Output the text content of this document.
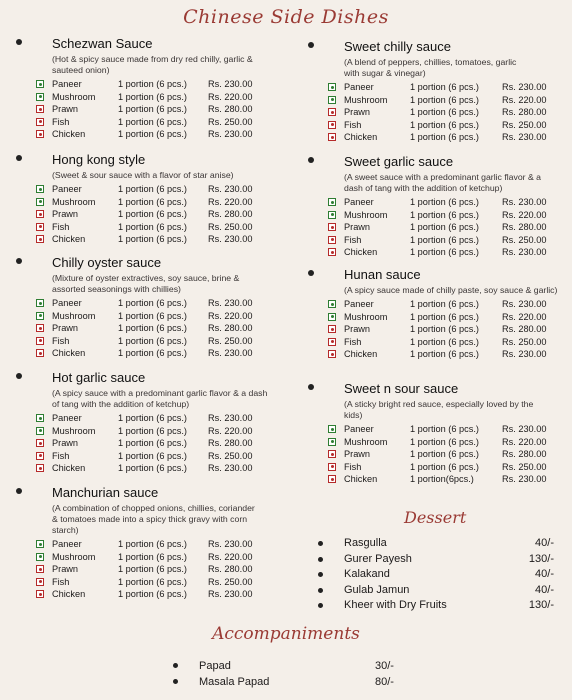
Chinese Side Dishes
Schezwan Sauce
(Hot & spicy sauce made from dry red chilly, garlic & sauteed onion)
Paneer	1 portion (6 pcs.) Rs. 230.00
Mushroom 1 portion (6 pcs.) Rs. 220.00
Prawn	1 portion (6 pcs.) Rs. 280.00
Fish	1 portion (6 pcs.) Rs. 250.00
Chicken	1 portion (6 pcs.) Rs. 230.00
Hong kong style
(Sweet & sour sauce with a flavor of star anise)
Paneer	1 portion (6 pcs.) Rs. 230.00
Mushroom 1 portion (6 pcs.) Rs. 220.00
Prawn	1 portion (6 pcs.) Rs. 280.00
Fish	1 portion (6 pcs.) Rs. 250.00
Chicken	1 portion (6 pcs.) Rs. 230.00
Chilly oyster sauce
(Mixture of oyster extractives, soy sauce, brine & assorted seasonings with chillies)
Paneer	1 portion (6 pcs.) Rs. 230.00
Mushroom 1 portion (6 pcs.) Rs. 220.00
Prawn	1 portion (6 pcs.) Rs. 280.00
Fish	1 portion (6 pcs.) Rs. 250.00
Chicken	1 portion (6 pcs.) Rs. 230.00
Hot garlic sauce
(A spicy sauce with a predominant garlic flavor & a dash of tang with the addition of ketchup)
Paneer	1 portion (6 pcs.) Rs. 230.00
Mushroom 1 portion (6 pcs.) Rs. 220.00
Prawn	1 portion (6 pcs.) Rs. 280.00
Fish	1 portion (6 pcs.) Rs. 250.00
Chicken	1 portion (6 pcs.) Rs. 230.00
Manchurian sauce
(A combination of chopped onions, chillies, coriander & tomatoes made into a spicy thick gravy with corn starch)
Paneer	1 portion (6 pcs.) Rs. 230.00
Mushroom 1 portion (6 pcs.) Rs. 220.00
Prawn	1 portion (6 pcs.) Rs. 280.00
Fish	1 portion (6 pcs.) Rs. 250.00
Chicken	1 portion (6 pcs.) Rs. 230.00
Sweet chilly sauce
(A blend of peppers, chillies, tomatoes, garlic with sugar & vinegar)
Paneer	1 portion (6 pcs.)	Rs. 230.00
Mushroom 1 portion (6 pcs.)	Rs. 220.00
Prawn	1 portion (6 pcs.)	Rs. 280.00
Fish	1 portion (6 pcs.)	Rs. 250.00
Chicken	1 portion (6 pcs.)	Rs. 230.00
Sweet garlic sauce
(A sweet sauce with a predominant garlic flavor & a dash of tang with the addition of ketchup)
Paneer	1 portion (6 pcs.)	Rs. 230.00
Mushroom 1 portion (6 pcs.)	Rs. 220.00
Prawn	1 portion (6 pcs.)	Rs. 280.00
Fish	1 portion (6 pcs.)	Rs. 250.00
Chicken	1 portion (6 pcs.)	Rs. 230.00
Hunan sauce
(A spicy sauce made of chilly paste, soy sauce & garlic)
Paneer	1 portion (6 pcs.)	Rs. 230.00
Mushroom 1 portion (6 pcs.)	Rs. 220.00
Prawn	1 portion (6 pcs.)	Rs. 280.00
Fish	1 portion (6 pcs.)	Rs. 250.00
Chicken	1 portion (6 pcs.)	Rs. 230.00
Sweet n sour sauce
(A sticky bright red sauce, especially loved by the kids)
Paneer	1 portion (6 pcs.)	Rs. 230.00
Mushroom 1 portion (6 pcs.)	Rs. 220.00
Prawn	1 portion (6 pcs.)	Rs. 280.00
Fish	1 portion (6 pcs.)	Rs. 250.00
Chicken	1 portion(6pcs.)	Rs. 230.00
Dessert
Rasgulla	40/-
Gurer Payesh	130/-
Kalakand	40/-
Gulab Jamun	40/-
Kheer with Dry Fruits	130/-
Accompaniments
Papad	30/-
Masala Papad	80/-
